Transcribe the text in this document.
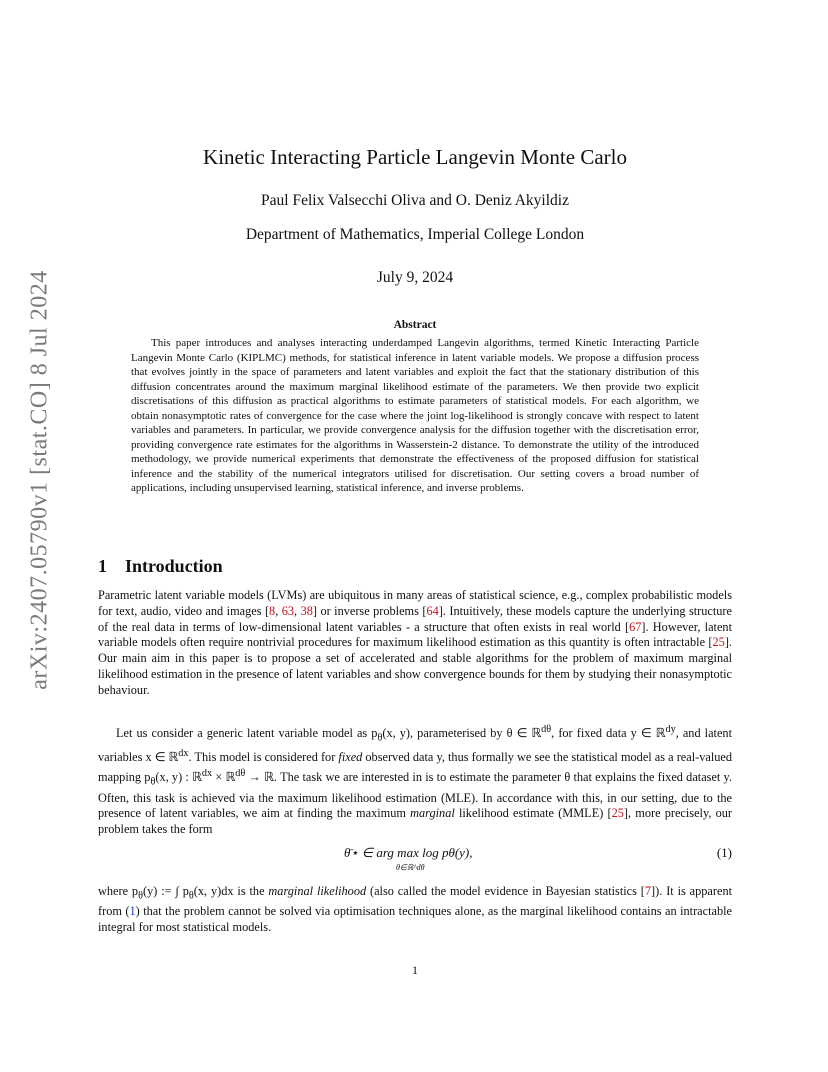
arXiv:2407.05790v1 [stat.CO] 8 Jul 2024
Kinetic Interacting Particle Langevin Monte Carlo
Paul Felix Valsecchi Oliva and O. Deniz Akyildiz
Department of Mathematics, Imperial College London
July 9, 2024
Abstract
This paper introduces and analyses interacting underdamped Langevin algorithms, termed Kinetic Interacting Particle Langevin Monte Carlo (KIPLMC) methods, for statistical inference in latent variable models. We propose a diffusion process that evolves jointly in the space of parameters and latent variables and exploit the fact that the stationary distribution of this diffusion concentrates around the maximum marginal likelihood estimate of the parameters. We then provide two explicit discretisations of this diffusion as practical algorithms to estimate parameters of statistical models. For each algorithm, we obtain nonasymptotic rates of convergence for the case where the joint log-likelihood is strongly concave with respect to latent variables and parameters. In particular, we provide convergence analysis for the diffusion together with the discretisation error, providing convergence rate estimates for the algorithms in Wasserstein-2 distance. To demonstrate the utility of the introduced methodology, we provide numerical experiments that demonstrate the effectiveness of the proposed diffusion for statistical inference and the stability of the numerical integrators utilised for discretisation. Our setting covers a broad number of applications, including unsupervised learning, statistical inference, and inverse problems.
1 Introduction
Parametric latent variable models (LVMs) are ubiquitous in many areas of statistical science, e.g., complex probabilistic models for text, audio, video and images [8, 63, 38] or inverse problems [64]. Intuitively, these models capture the underlying structure of the real data in terms of low-dimensional latent variables - a structure that often exists in real world [67]. However, latent variable models often require nontrivial procedures for maximum likelihood estimation as this quantity is often intractable [25]. Our main aim in this paper is to propose a set of accelerated and stable algorithms for the problem of maximum marginal likelihood estimation in the presence of latent variables and show convergence bounds for them by studying their nonasymptotic behaviour.
Let us consider a generic latent variable model as $p_\theta(x$, y), parameterised by θ ∈ ℝ$^{d\theta}$, for fixed data y ∈ ℝ$^{dy}$, and latent variables x ∈ ℝ$^{dx}$. This model is considered for fixed observed data y, thus formally we see the statistical model as a real-valued mapping $p_\theta(x$, y) : ℝ$^{dx}$ × ℝ$^{d\theta}$ → ℝ. The task we are interested in is to estimate the parameter θ that explains the fixed dataset y. Often, this task is achieved via the maximum likelihood estimation (MLE). In accordance with this, in our setting, due to the presence of latent variables, we aim at finding the maximum marginal likelihood estimate (MMLE) [25], more precisely, our problem takes the form
θ̄⋆ ∈ arg max log pθ(y),
θ∈ℝ^dθ
(1)
where $p_\theta(y)$ := ∫ $p_\theta(x$, y)dx is the marginal likelihood (also called the model evidence in Bayesian statistics [7]). It is apparent from (1) that the problem cannot be solved via optimisation techniques alone, as the marginal likelihood contains an intractable integral for most statistical models.
1
